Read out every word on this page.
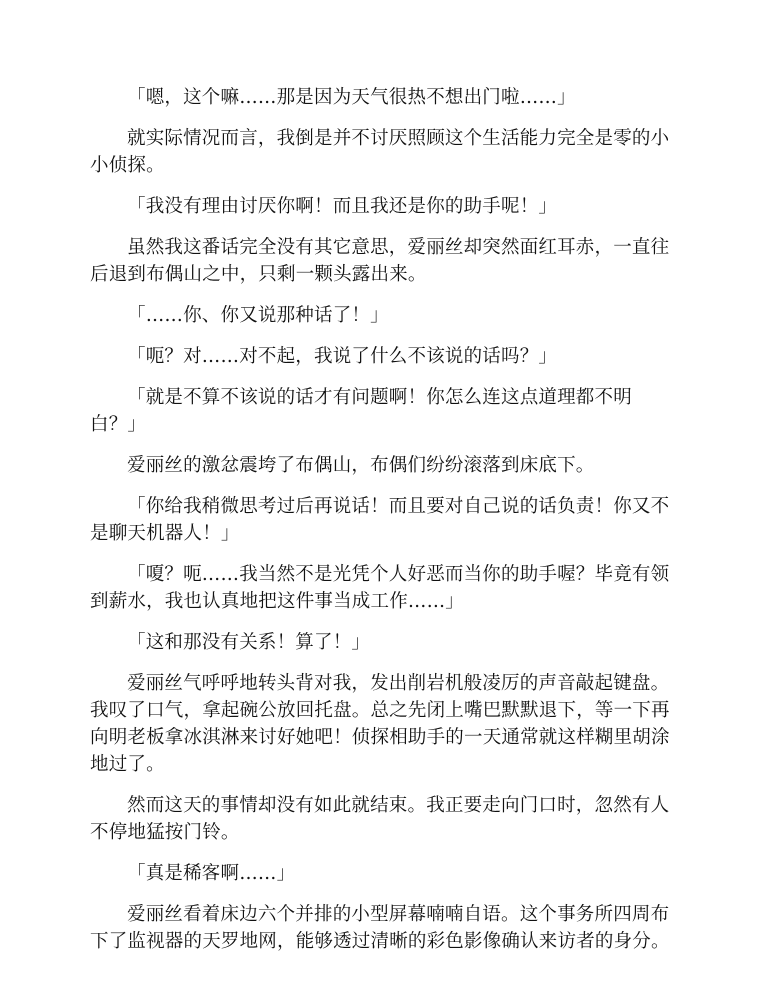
「嗯，这个嘛……那是因为天气很热不想出门啦……」

就实际情况而言，我倒是并不讨厌照顾这个生活能力完全是零的小小侦探。

「我没有理由讨厌你啊！而且我还是你的助手呢！」

虽然我这番话完全没有其它意思，爱丽丝却突然面红耳赤，一直往后退到布偶山之中，只剩一颗头露出来。

「……你、你又说那种话了！」

「呃？对……对不起，我说了什么不该说的话吗？」

「就是不算不该说的话才有问题啊！你怎么连这点道理都不明白？」

爱丽丝的激忿震垮了布偶山，布偶们纷纷滚落到床底下。

「你给我稍微思考过后再说话！而且要对自己说的话负责！你又不是聊天机器人！」

「嗄？呃……我当然不是光凭个人好恶而当你的助手喔？毕竟有领到薪水，我也认真地把这件事当成工作……」

「这和那没有关系！算了！」

爱丽丝气呼呼地转头背对我，发出削岩机般凌厉的声音敲起键盘。我叹了口气，拿起碗公放回托盘。总之先闭上嘴巴默默退下，等一下再向明老板拿冰淇淋来讨好她吧！侦探相助手的一天通常就这样糊里胡涂地过了。

然而这天的事情却没有如此就结束。我正要走向门口时，忽然有人不停地猛按门铃。

「真是稀客啊……」

爱丽丝看着床边六个并排的小型屏幕喃喃自语。这个事务所四周布下了监视器的天罗地网，能够透过清晰的彩色影像确认来访者的身分。
